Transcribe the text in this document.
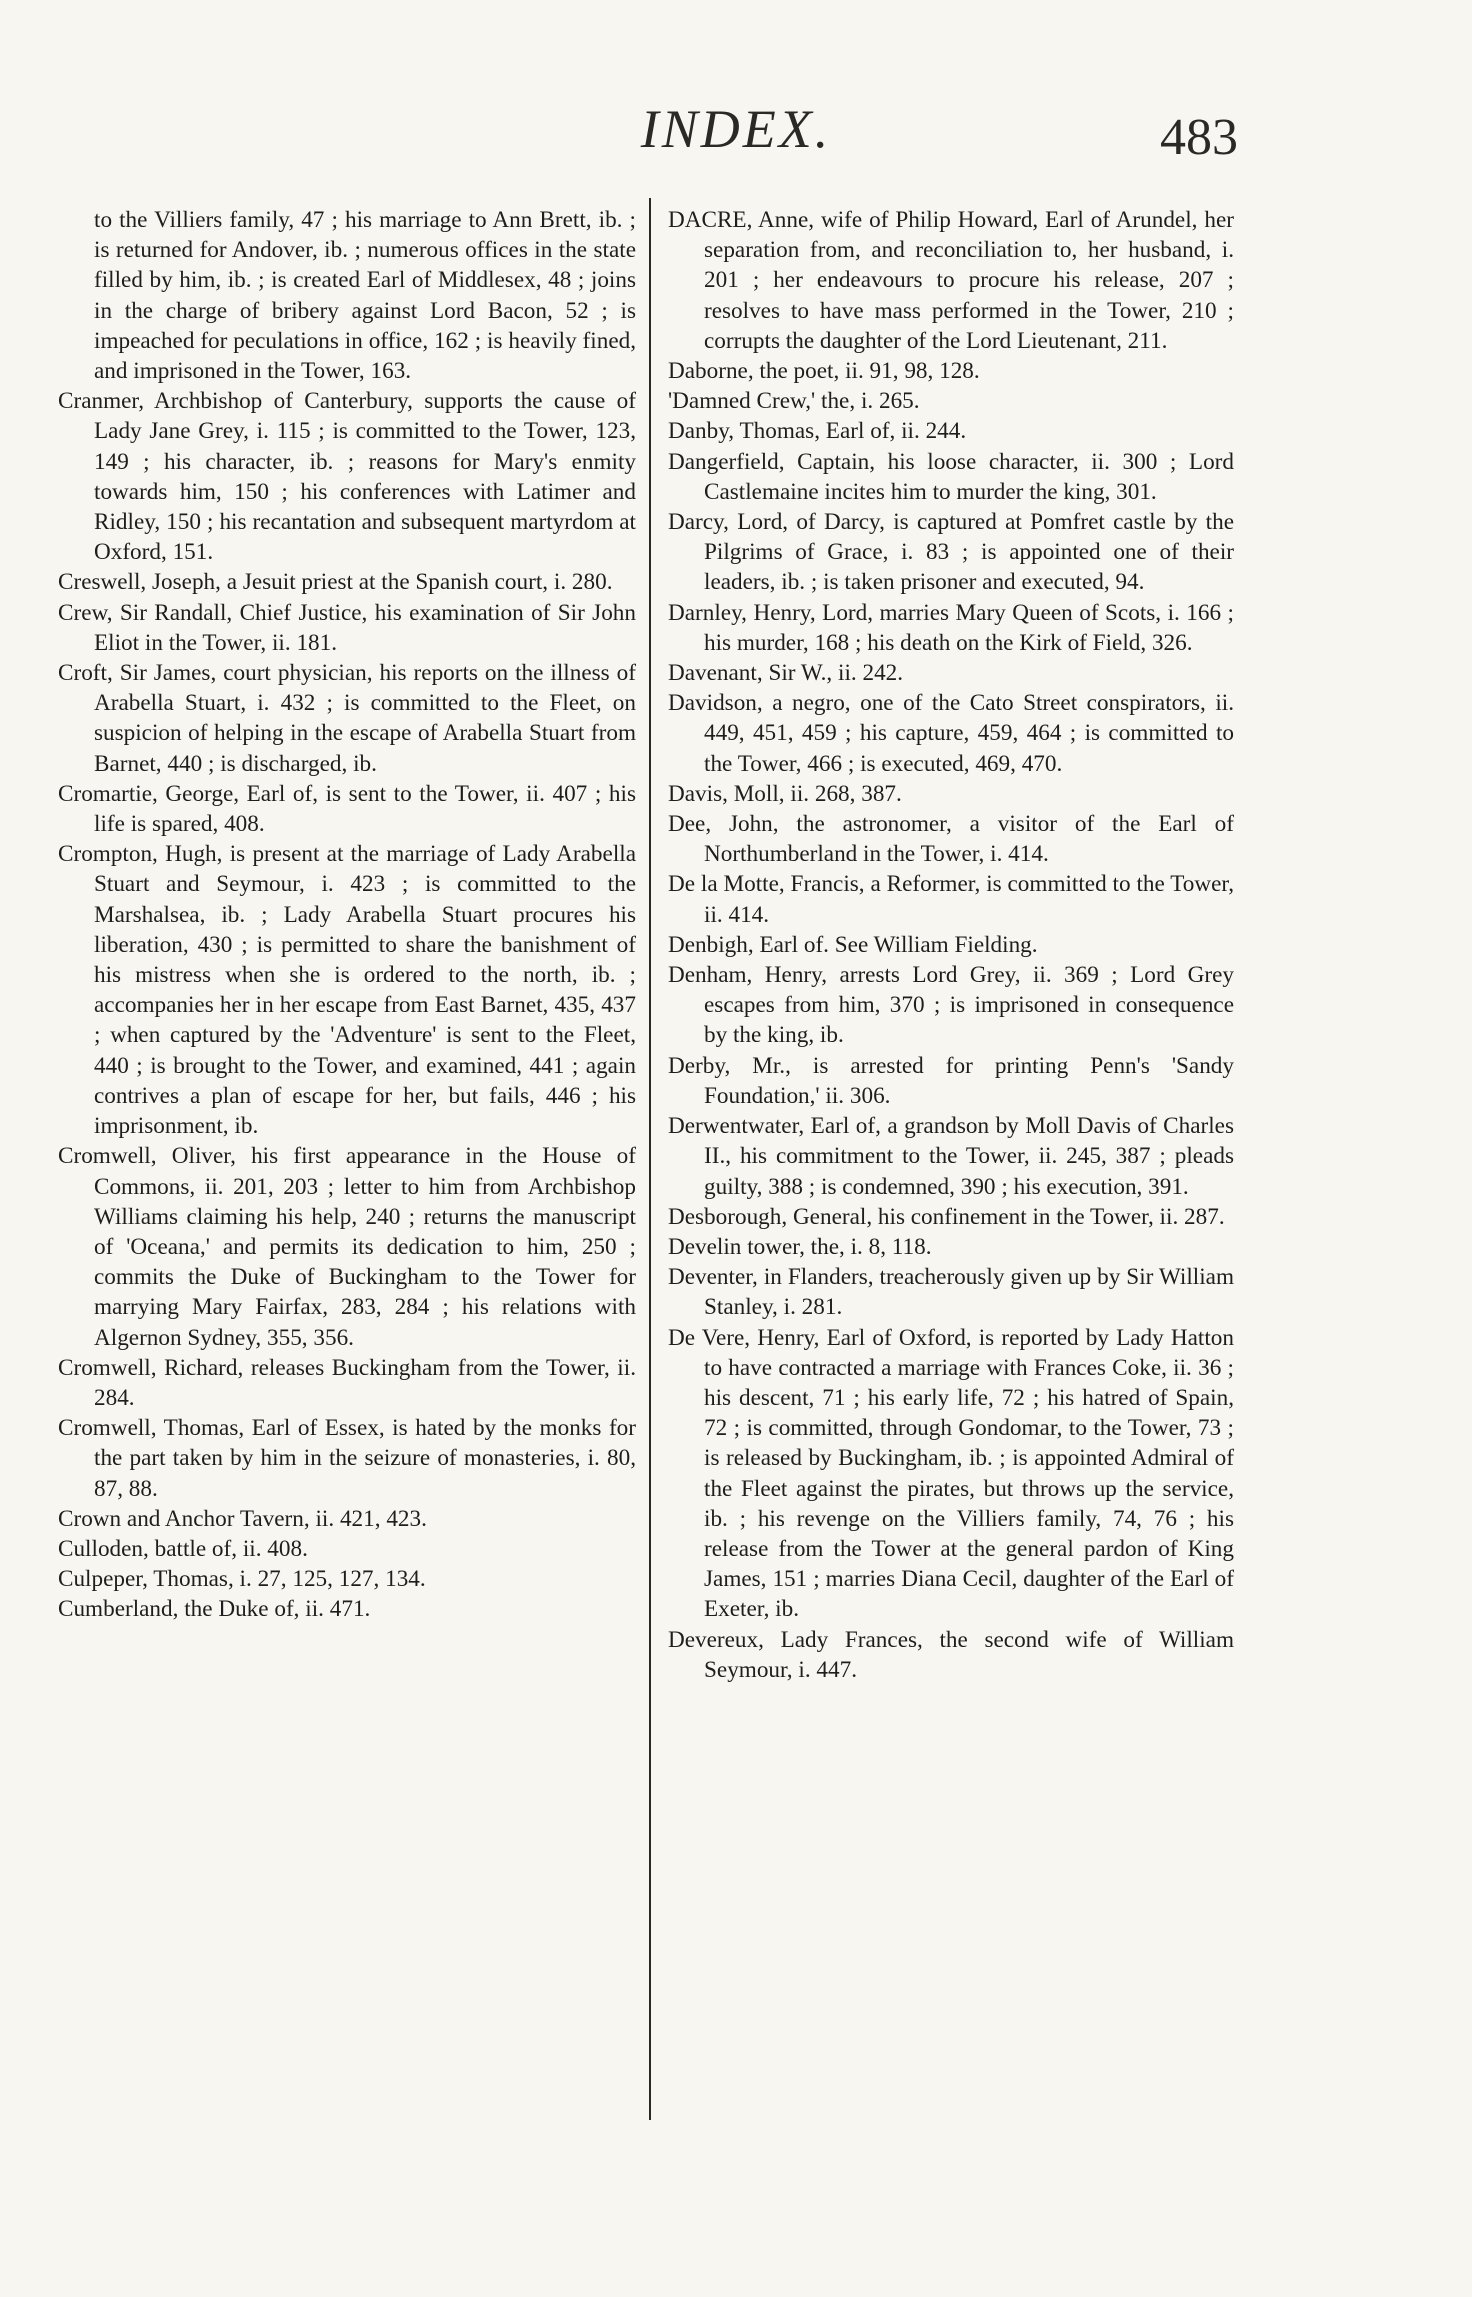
INDEX.	483

to the Villiers family, 47 ; his marriage to Ann Brett, ib. ; is returned for Andover, ib. ; numerous offices in the state filled by him, ib. ; is created Earl of Middlesex, 48 ; joins in the charge of bribery against Lord Bacon, 52 ; is impeached for peculations in office, 162 ; is heavily fined, and imprisoned in the Tower, 163.

Cranmer, Archbishop of Canterbury, supports the cause of Lady Jane Grey, i. 115 ; is committed to the Tower, 123, 149 ; his character, ib. ; reasons for Mary's enmity towards him, 150 ; his conferences with Latimer and Ridley, 150 ; his recantation and subsequent martyrdom at Oxford, 151.

Creswell, Joseph, a Jesuit priest at the Spanish court, i. 280.

Crew, Sir Randall, Chief Justice, his examination of Sir John Eliot in the Tower, ii. 181.

Croft, Sir James, court physician, his reports on the illness of Arabella Stuart, i. 432 ; is committed to the Fleet, on suspicion of helping in the escape of Arabella Stuart from Barnet, 440 ; is discharged, ib.

Cromartie, George, Earl of, is sent to the Tower, ii. 407 ; his life is spared, 408.

Crompton, Hugh, is present at the marriage of Lady Arabella Stuart and Seymour, i. 423 ; is committed to the Marshalsea, ib. ; Lady Arabella Stuart procures his liberation, 430 ; is permitted to share the banishment of his mistress when she is ordered to the north, ib. ; accompanies her in her escape from East Barnet, 435, 437 ; when captured by the 'Adventure' is sent to the Fleet, 440 ; is brought to the Tower, and examined, 441 ; again contrives a plan of escape for her, but fails, 446 ; his imprisonment, ib.

Cromwell, Oliver, his first appearance in the House of Commons, ii. 201, 203 ; letter to him from Archbishop Williams claiming his help, 240 ; returns the manuscript of 'Oceana,' and permits its dedication to him, 250 ; commits the Duke of Buckingham to the Tower for marrying Mary Fairfax, 283, 284 ; his relations with Algernon Sydney, 355, 356.

Cromwell, Richard, releases Buckingham from the Tower, ii. 284.

Cromwell, Thomas, Earl of Essex, is hated by the monks for the part taken by him in the seizure of monasteries, i. 80, 87, 88.

Crown and Anchor Tavern, ii. 421, 423.

Culloden, battle of, ii. 408.

Culpeper, Thomas, i. 27, 125, 127, 134.

Cumberland, the Duke of, ii. 471.

DACRE, Anne, wife of Philip Howard, Earl of Arundel, her separation from, and reconciliation to, her husband, i. 201 ; her endeavours to procure his release, 207 ; resolves to have mass performed in the Tower, 210 ; corrupts the daughter of the Lord Lieutenant, 211.

Daborne, the poet, ii. 91, 98, 128.

'Damned Crew,' the, i. 265.

Danby, Thomas, Earl of, ii. 244.

Dangerfield, Captain, his loose character, ii. 300 ; Lord Castlemaine incites him to murder the king, 301.

Darcy, Lord, of Darcy, is captured at Pomfret castle by the Pilgrims of Grace, i. 83 ; is appointed one of their leaders, ib. ; is taken prisoner and executed, 94.

Darnley, Henry, Lord, marries Mary Queen of Scots, i. 166 ; his murder, 168 ; his death on the Kirk of Field, 326.

Davenant, Sir W., ii. 242.

Davidson, a negro, one of the Cato Street conspirators, ii. 449, 451, 459 ; his capture, 459, 464 ; is committed to the Tower, 466 ; is executed, 469, 470.

Davis, Moll, ii. 268, 387.

Dee, John, the astronomer, a visitor of the Earl of Northumberland in the Tower, i. 414.

De la Motte, Francis, a Reformer, is committed to the Tower, ii. 414.

Denbigh, Earl of. See William Fielding.

Denham, Henry, arrests Lord Grey, ii. 369 ; Lord Grey escapes from him, 370 ; is imprisoned in consequence by the king, ib.

Derby, Mr., is arrested for printing Penn's 'Sandy Foundation,' ii. 306.

Derwentwater, Earl of, a grandson by Moll Davis of Charles II., his commitment to the Tower, ii. 245, 387 ; pleads guilty, 388 ; is condemned, 390 ; his execution, 391.

Desborough, General, his confinement in the Tower, ii. 287.

Develin tower, the, i. 8, 118.

Deventer, in Flanders, treacherously given up by Sir William Stanley, i. 281.

De Vere, Henry, Earl of Oxford, is reported by Lady Hatton to have contracted a marriage with Frances Coke, ii. 36 ; his descent, 71 ; his early life, 72 ; his hatred of Spain, 72 ; is committed, through Gondomar, to the Tower, 73 ; is released by Buckingham, ib. ; is appointed Admiral of the Fleet against the pirates, but throws up the service, ib. ; his revenge on the Villiers family, 74, 76 ; his release from the Tower at the general pardon of King James, 151 ; marries Diana Cecil, daughter of the Earl of Exeter, ib.

Devereux, Lady Frances, the second wife of William Seymour, i. 447.
